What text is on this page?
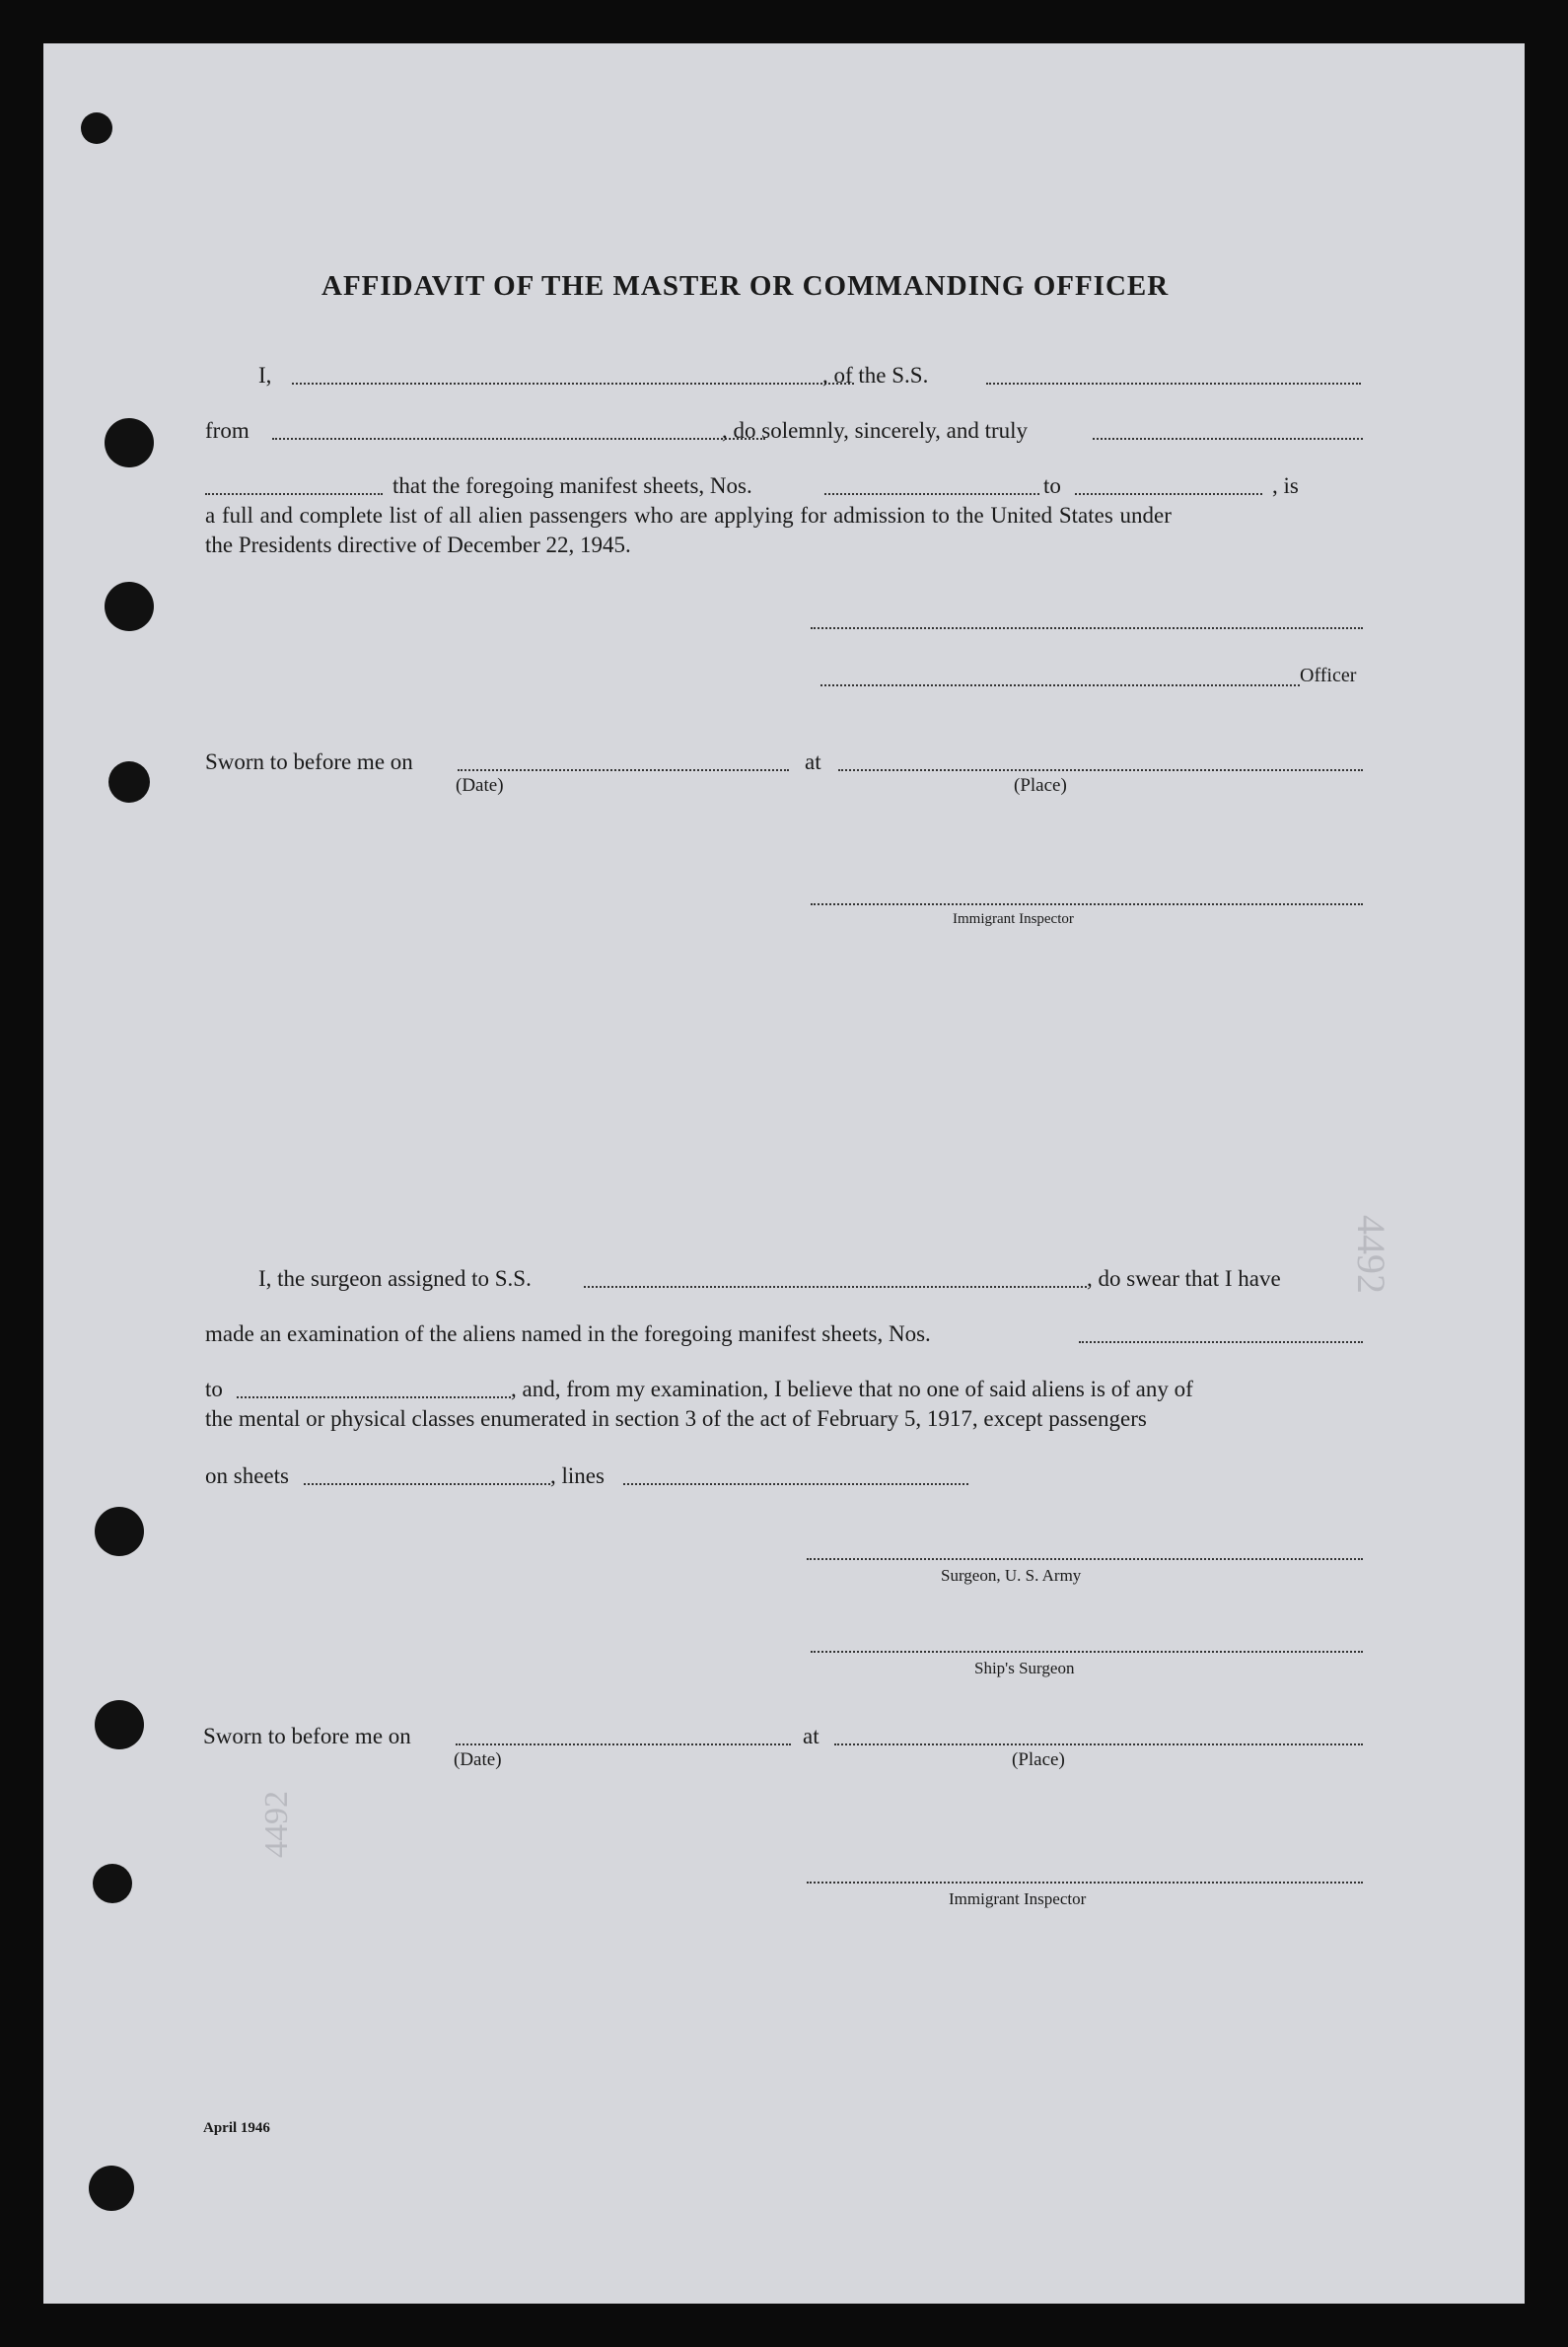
4492
4492
AFFIDAVIT OF THE MASTER OR COMMANDING OFFICER
I,	, of the S.S.
from	, do solemnly, sincerely, and truly
that the foregoing manifest sheets, Nos.	to	, is
a full and complete list of all alien passengers who are applying for admission to the United States under
the Presidents directive of December 22, 1945.
Officer
Sworn to before me on	at
(Date)	(Place)
Immigrant Inspector
I, the surgeon assigned to S.S.	, do swear that I have
made an examination of the aliens named in the foregoing manifest sheets, Nos.
to	, and, from my examination, I believe that no one of said aliens is of any of
the mental or physical classes enumerated in section 3 of the act of February 5, 1917, except passengers
on sheets	, lines
Surgeon, U. S. Army
Ship's Surgeon
Sworn to before me on	at
(Date)	(Place)
Immigrant Inspector
April 1946
